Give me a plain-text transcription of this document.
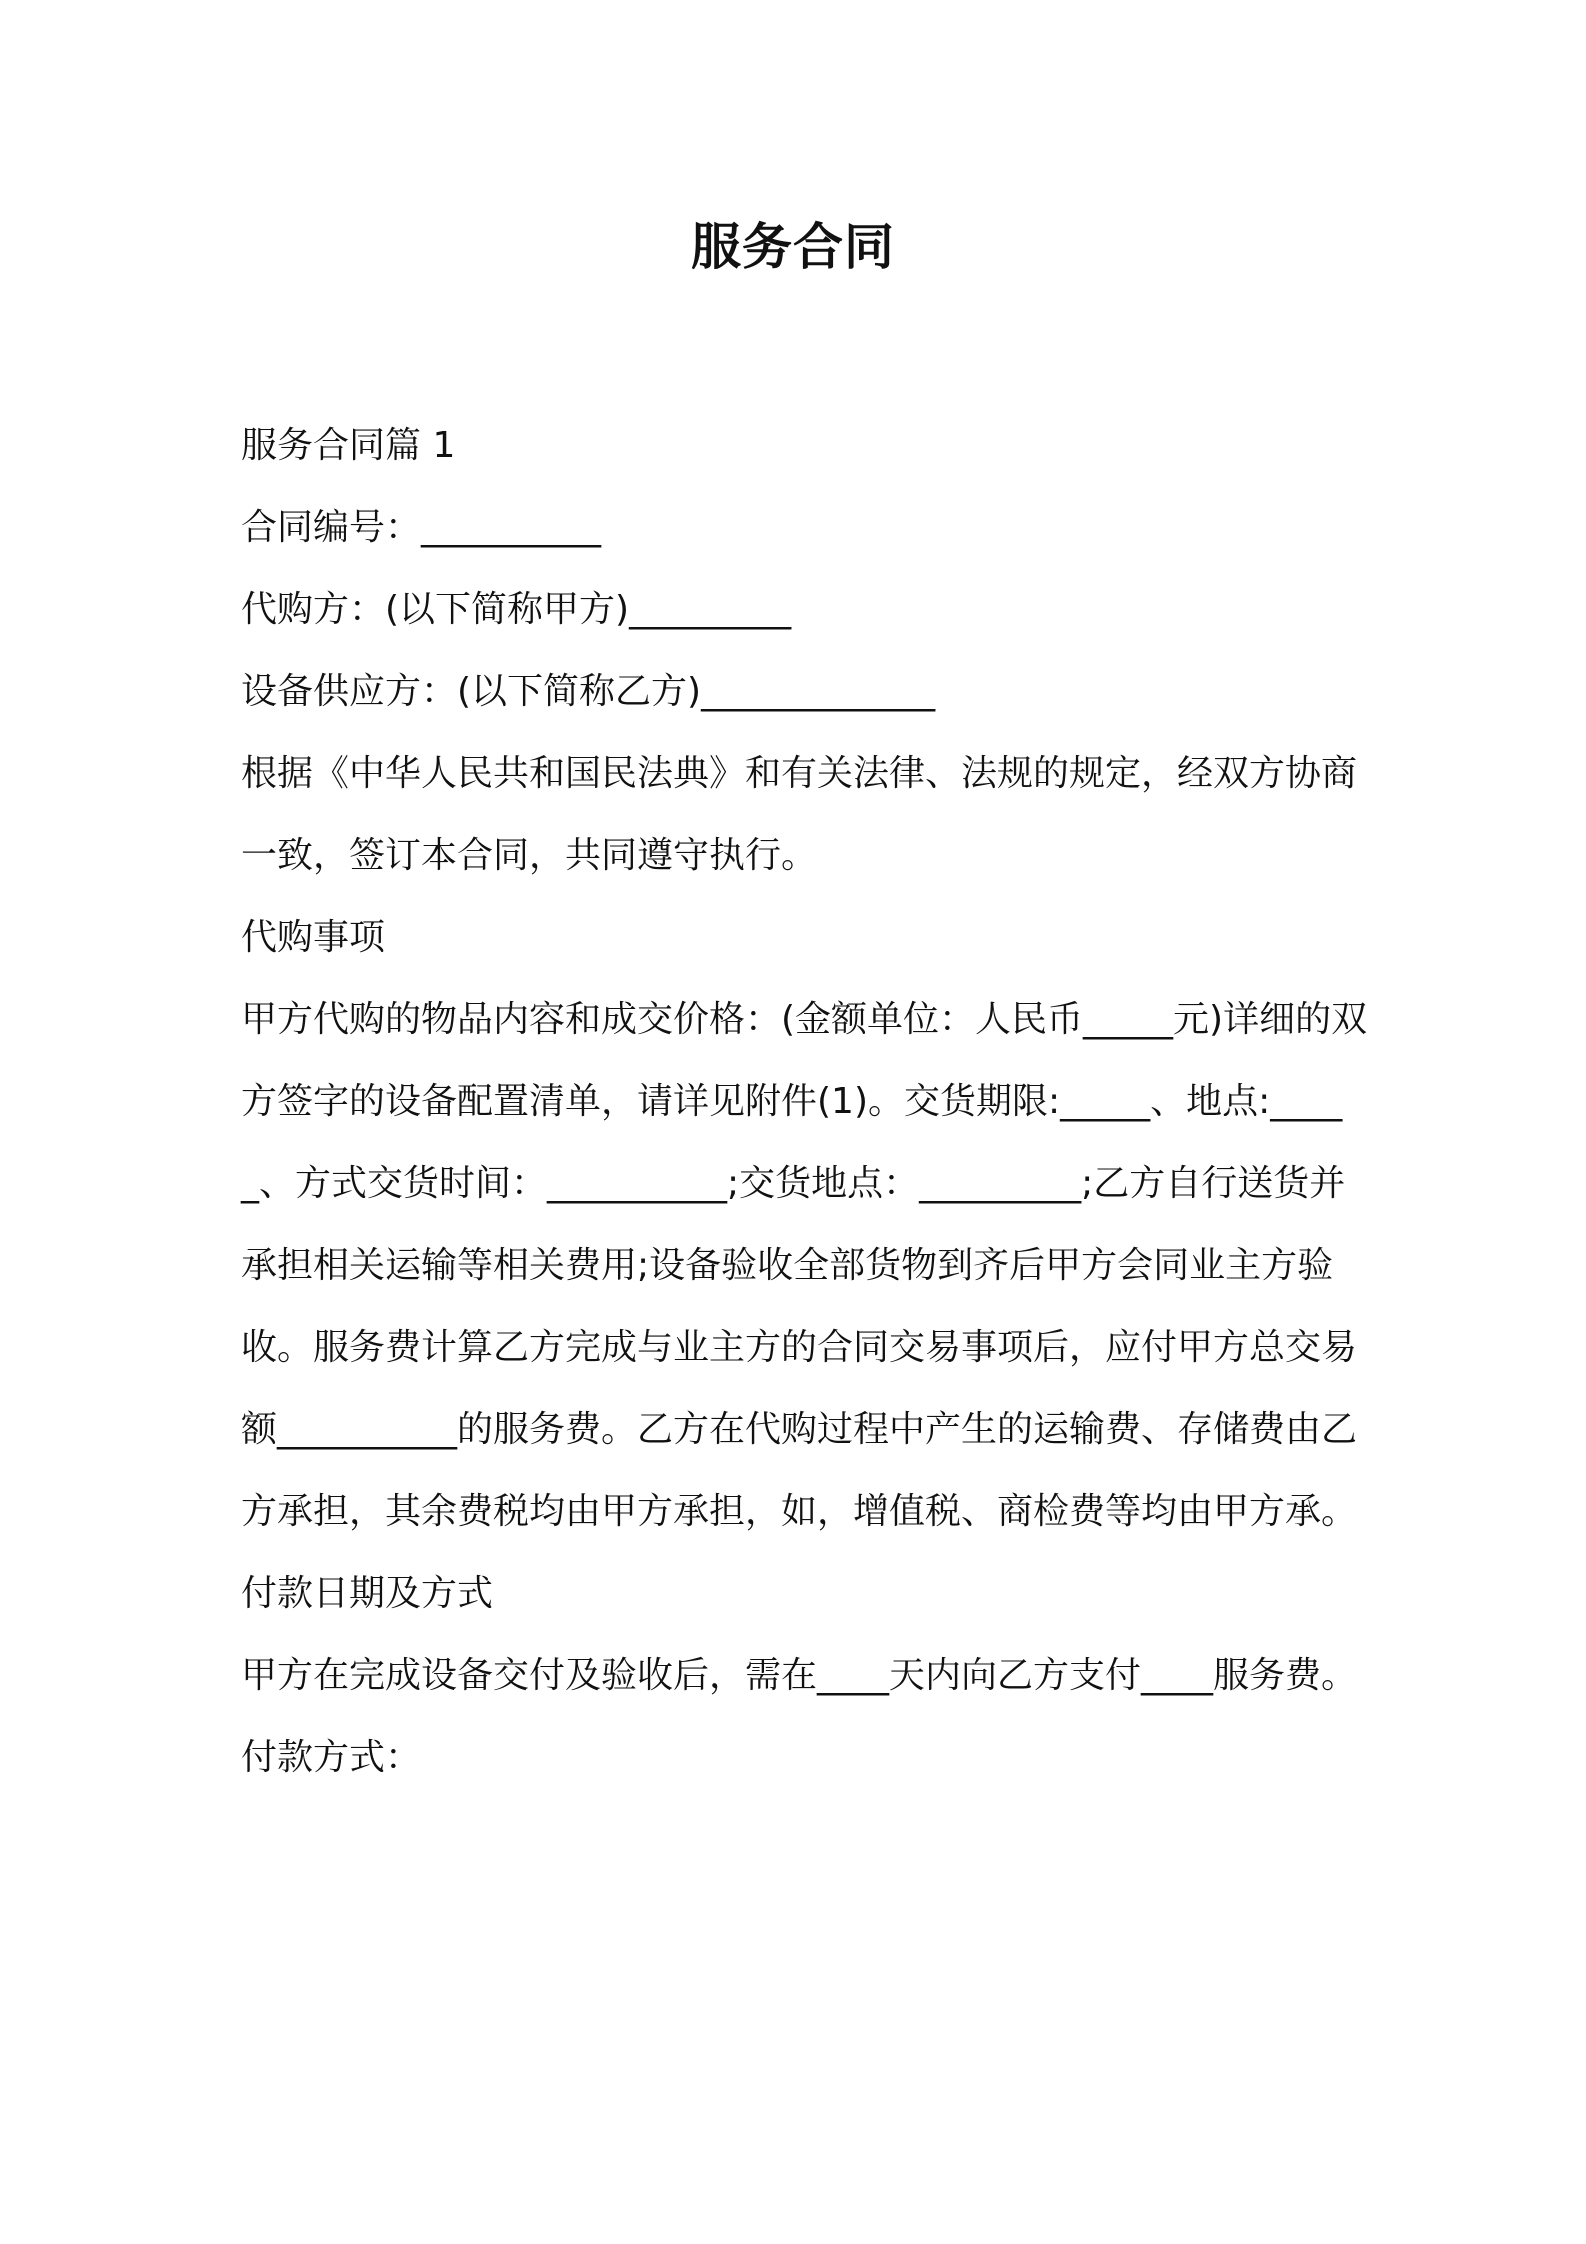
服务合同

服务合同篇 1

合同编号：__________

代购方：(以下简称甲方)_________

设备供应方：(以下简称乙方)_____________

根据《中华人民共和国民法典》和有关法律、法规的规定，经双方协商一致，签订本合同，共同遵守执行。

代购事项

甲方代购的物品内容和成交价格：(金额单位：人民币_____元)详细的双方签字的设备配置清单，请详见附件(1)。交货期限:_____、地点:_____、方式交货时间：__________;交货地点：_________;乙方自行送货并承担相关运输等相关费用;设备验收全部货物到齐后甲方会同业主方验收。服务费计算乙方完成与业主方的合同交易事项后，应付甲方总交易额__________的服务费。乙方在代购过程中产生的运输费、存储费由乙方承担，其余费税均由甲方承担，如，增值税、商检费等均由甲方承。

付款日期及方式

甲方在完成设备交付及验收后，需在____天内向乙方支付____服务费。

付款方式：
